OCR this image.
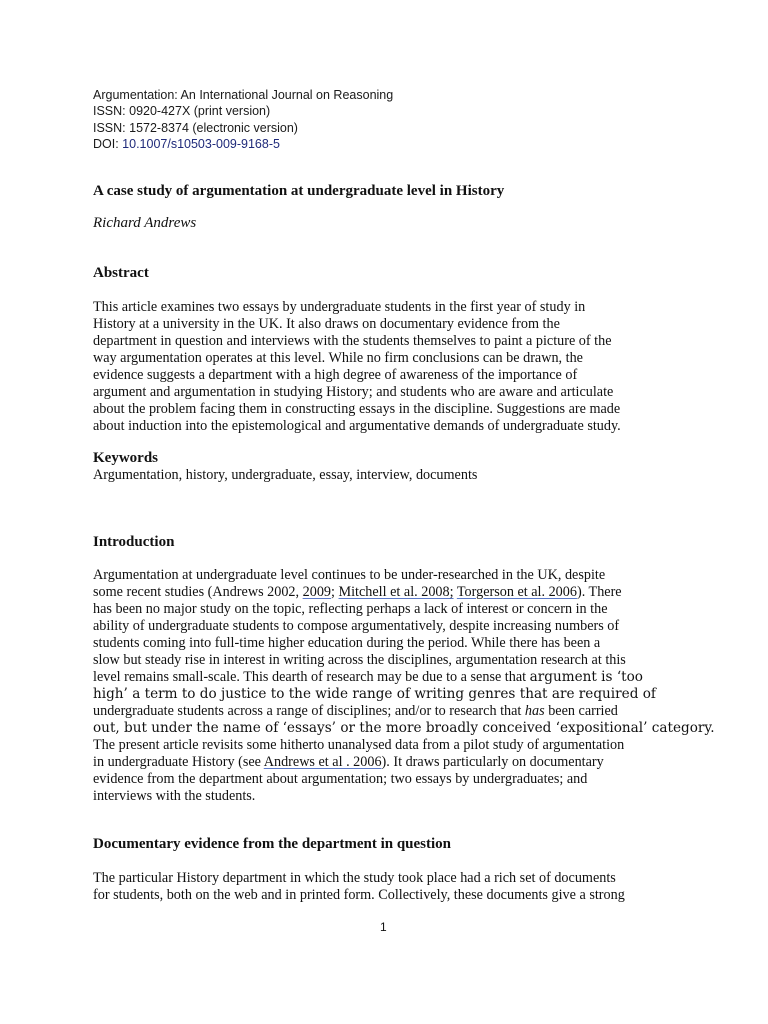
Argumentation: An International Journal on Reasoning
ISSN: 0920-427X (print version)
ISSN: 1572-8374 (electronic version)
DOI: 10.1007/s10503-009-9168-5
A case study of argumentation at undergraduate level in History
Richard Andrews
Abstract
This article examines two essays by undergraduate students in the first year of study in
History at a university in the UK. It also draws on documentary evidence from the
department in question and interviews with the students themselves to paint a picture of the
way argumentation operates at this level. While no firm conclusions can be drawn, the
evidence suggests a department with a high degree of awareness of the importance of
argument and argumentation in studying History; and students who are aware and articulate
about the problem facing them in constructing essays in the discipline. Suggestions are made
about induction into the epistemological and argumentative demands of undergraduate study.
Keywords
Argumentation, history, undergraduate, essay, interview, documents
Introduction
Argumentation at undergraduate level continues to be under-researched in the UK, despite
some recent studies (Andrews 2002, 2009; Mitchell et al. 2008; Torgerson et al. 2006). There
has been no major study on the topic, reflecting perhaps a lack of interest or concern in the
ability of undergraduate students to compose argumentatively, despite increasing numbers of
students coming into full-time higher education during the period. While there has been a
slow but steady rise in interest in writing across the disciplines, argumentation research at this
level remains small-scale. This dearth of research may be due to a sense that argument is ‘too
high’ a term to do justice to the wide range of writing genres that are required of
undergraduate students across a range of disciplines; and/or to research that has been carried
out, but under the name of ‘essays’ or the more broadly conceived ‘expositional’ category.
The present article revisits some hitherto unanalysed data from a pilot study of argumentation
in undergraduate History (see Andrews et al . 2006). It draws particularly on documentary
evidence from the department about argumentation; two essays by undergraduates; and
interviews with the students.
Documentary evidence from the department in question
The particular History department in which the study took place had a rich set of documents
for students, both on the web and in printed form. Collectively, these documents give a strong
1
